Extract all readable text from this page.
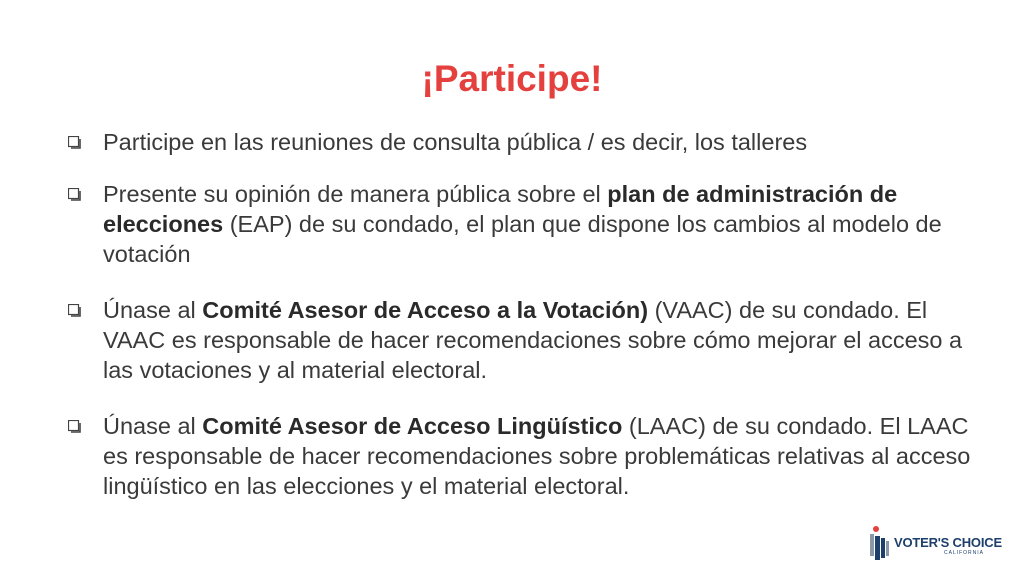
¡Participe!
Participe en las reuniones de consulta pública / es decir, los talleres
Presente su opinión de manera pública sobre el plan de administración de elecciones (EAP) de su condado, el plan que dispone los cambios al modelo de votación
Únase al Comité Asesor de Acceso a la Votación) (VAAC) de su condado. El VAAC es responsable de hacer recomendaciones sobre cómo mejorar el acceso a las votaciones y al material electoral.
Únase al Comité Asesor de Acceso Lingüístico (LAAC) de su condado. El LAAC es responsable de hacer recomendaciones sobre problemáticas relativas al acceso lingüístico en las elecciones y el material electoral.
VOTER'S CHOICE
CALIFORNIA
